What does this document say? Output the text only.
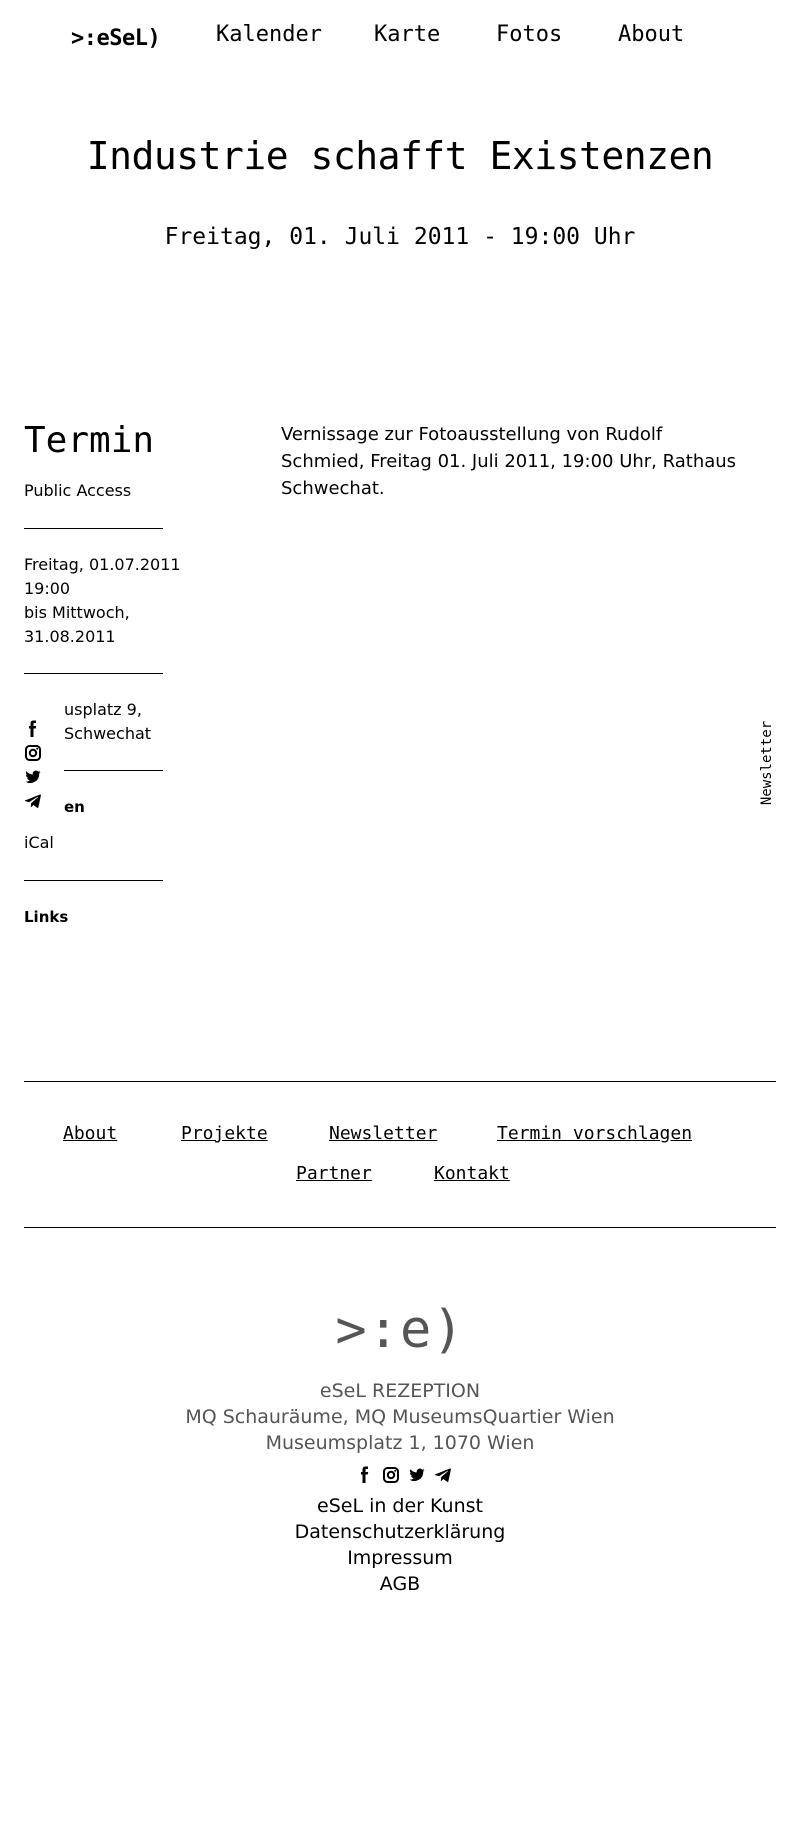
>:eSeL)	Kalender Karte	Fotos	About
Industrie schafft Existenzen
Freitag, 01. Juli 2011 - 19:00 Uhr
Termin
Public Access
Freitag, 01.07.2011
19:00
bis Mittwoch,
31.08.2011
usplatz 9,
Schwechat
en
iCal
Links
Vernissage zur Fotoausstellung von Rudolf Schmied, Freitag 01. Juli 2011, 19:00 Uhr, Rathaus Schwechat.
Newsletter
About	Projekte	Newsletter	Termin vorschlagen
Partner	Kontakt
>:e)
eSeL REZEPTION
MQ Schauräume, MQ MuseumsQuartier Wien
Museumsplatz 1, 1070 Wien
eSeL in der Kunst
Datenschutzerklärung
Impressum
AGB
